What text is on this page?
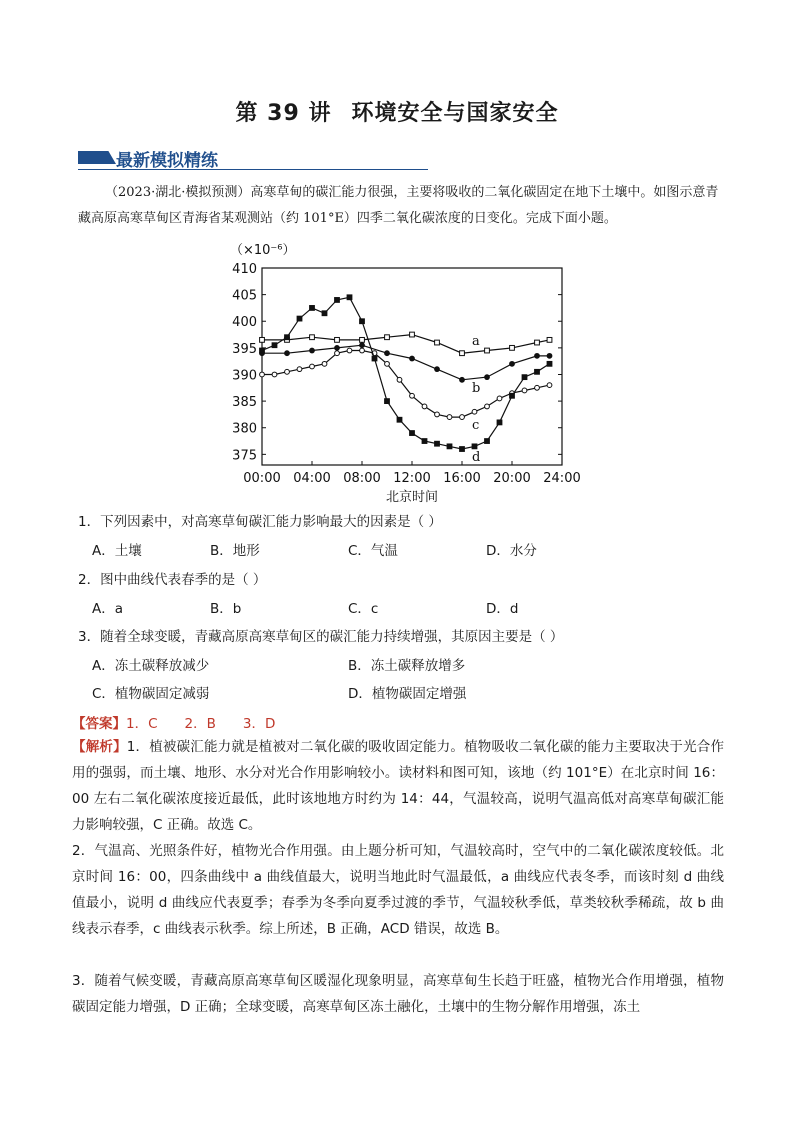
第 39 讲 环境安全与国家安全
最新模拟精练
（2023·湖北·模拟预测）高寒草甸的碳汇能力很强，主要将吸收的二氧化碳固定在地下土壤中。如图示意青藏高原高寒草甸区青海省某观测站（约 101°E）四季二氧化碳浓度的日变化。完成下面小题。
（×10⁻⁶）
410
405
400
395
390
385
380
375
00:00 04:00 08:00 12:00 16:00 20:00 24:00
北京时间
a
b
c
d
1．下列因素中，对高寒草甸碳汇能力影响最大的因素是（ ）
A．土壤	B．地形	C．气温	D．水分
2．图中曲线代表春季的是（ ）
A．a	B．b	C．c	D．d
3．随着全球变暖，青藏高原高寒草甸区的碳汇能力持续增强，其原因主要是（ ）
A．冻土碳释放减少	B．冻土碳释放增多
C．植物碳固定减弱	D．植物碳固定增强
【答案】1．C　　2．B　　3．D
【解析】1．植被碳汇能力就是植被对二氧化碳的吸收固定能力。植物吸收二氧化碳的能力主要取决于光合作用的强弱，而土壤、地形、水分对光合作用影响较小。读材料和图可知，该地（约 101°E）在北京时间 16：00 左右二氧化碳浓度接近最低，此时该地地方时约为 14：44，气温较高，说明气温高低对高寒草甸碳汇能力影响较强，C 正确。故选 C。
2．气温高、光照条件好，植物光合作用强。由上题分析可知，气温较高时，空气中的二氧化碳浓度较低。北京时间 16：00，四条曲线中 a 曲线值最大，说明当地此时气温最低，a 曲线应代表冬季，而该时刻 d 曲线值最小，说明 d 曲线应代表夏季；春季为冬季向夏季过渡的季节，气温较秋季低，草类较秋季稀疏，故 b 曲线表示春季，c 曲线表示秋季。综上所述，B 正确，ACD 错误，故选 B。
3．随着气候变暖，青藏高原高寒草甸区暖湿化现象明显，高寒草甸生长趋于旺盛，植物光合作用增强，植物碳固定能力增强，D 正确；全球变暖，高寒草甸区冻土融化，土壤中的生物分解作用增强，冻土
